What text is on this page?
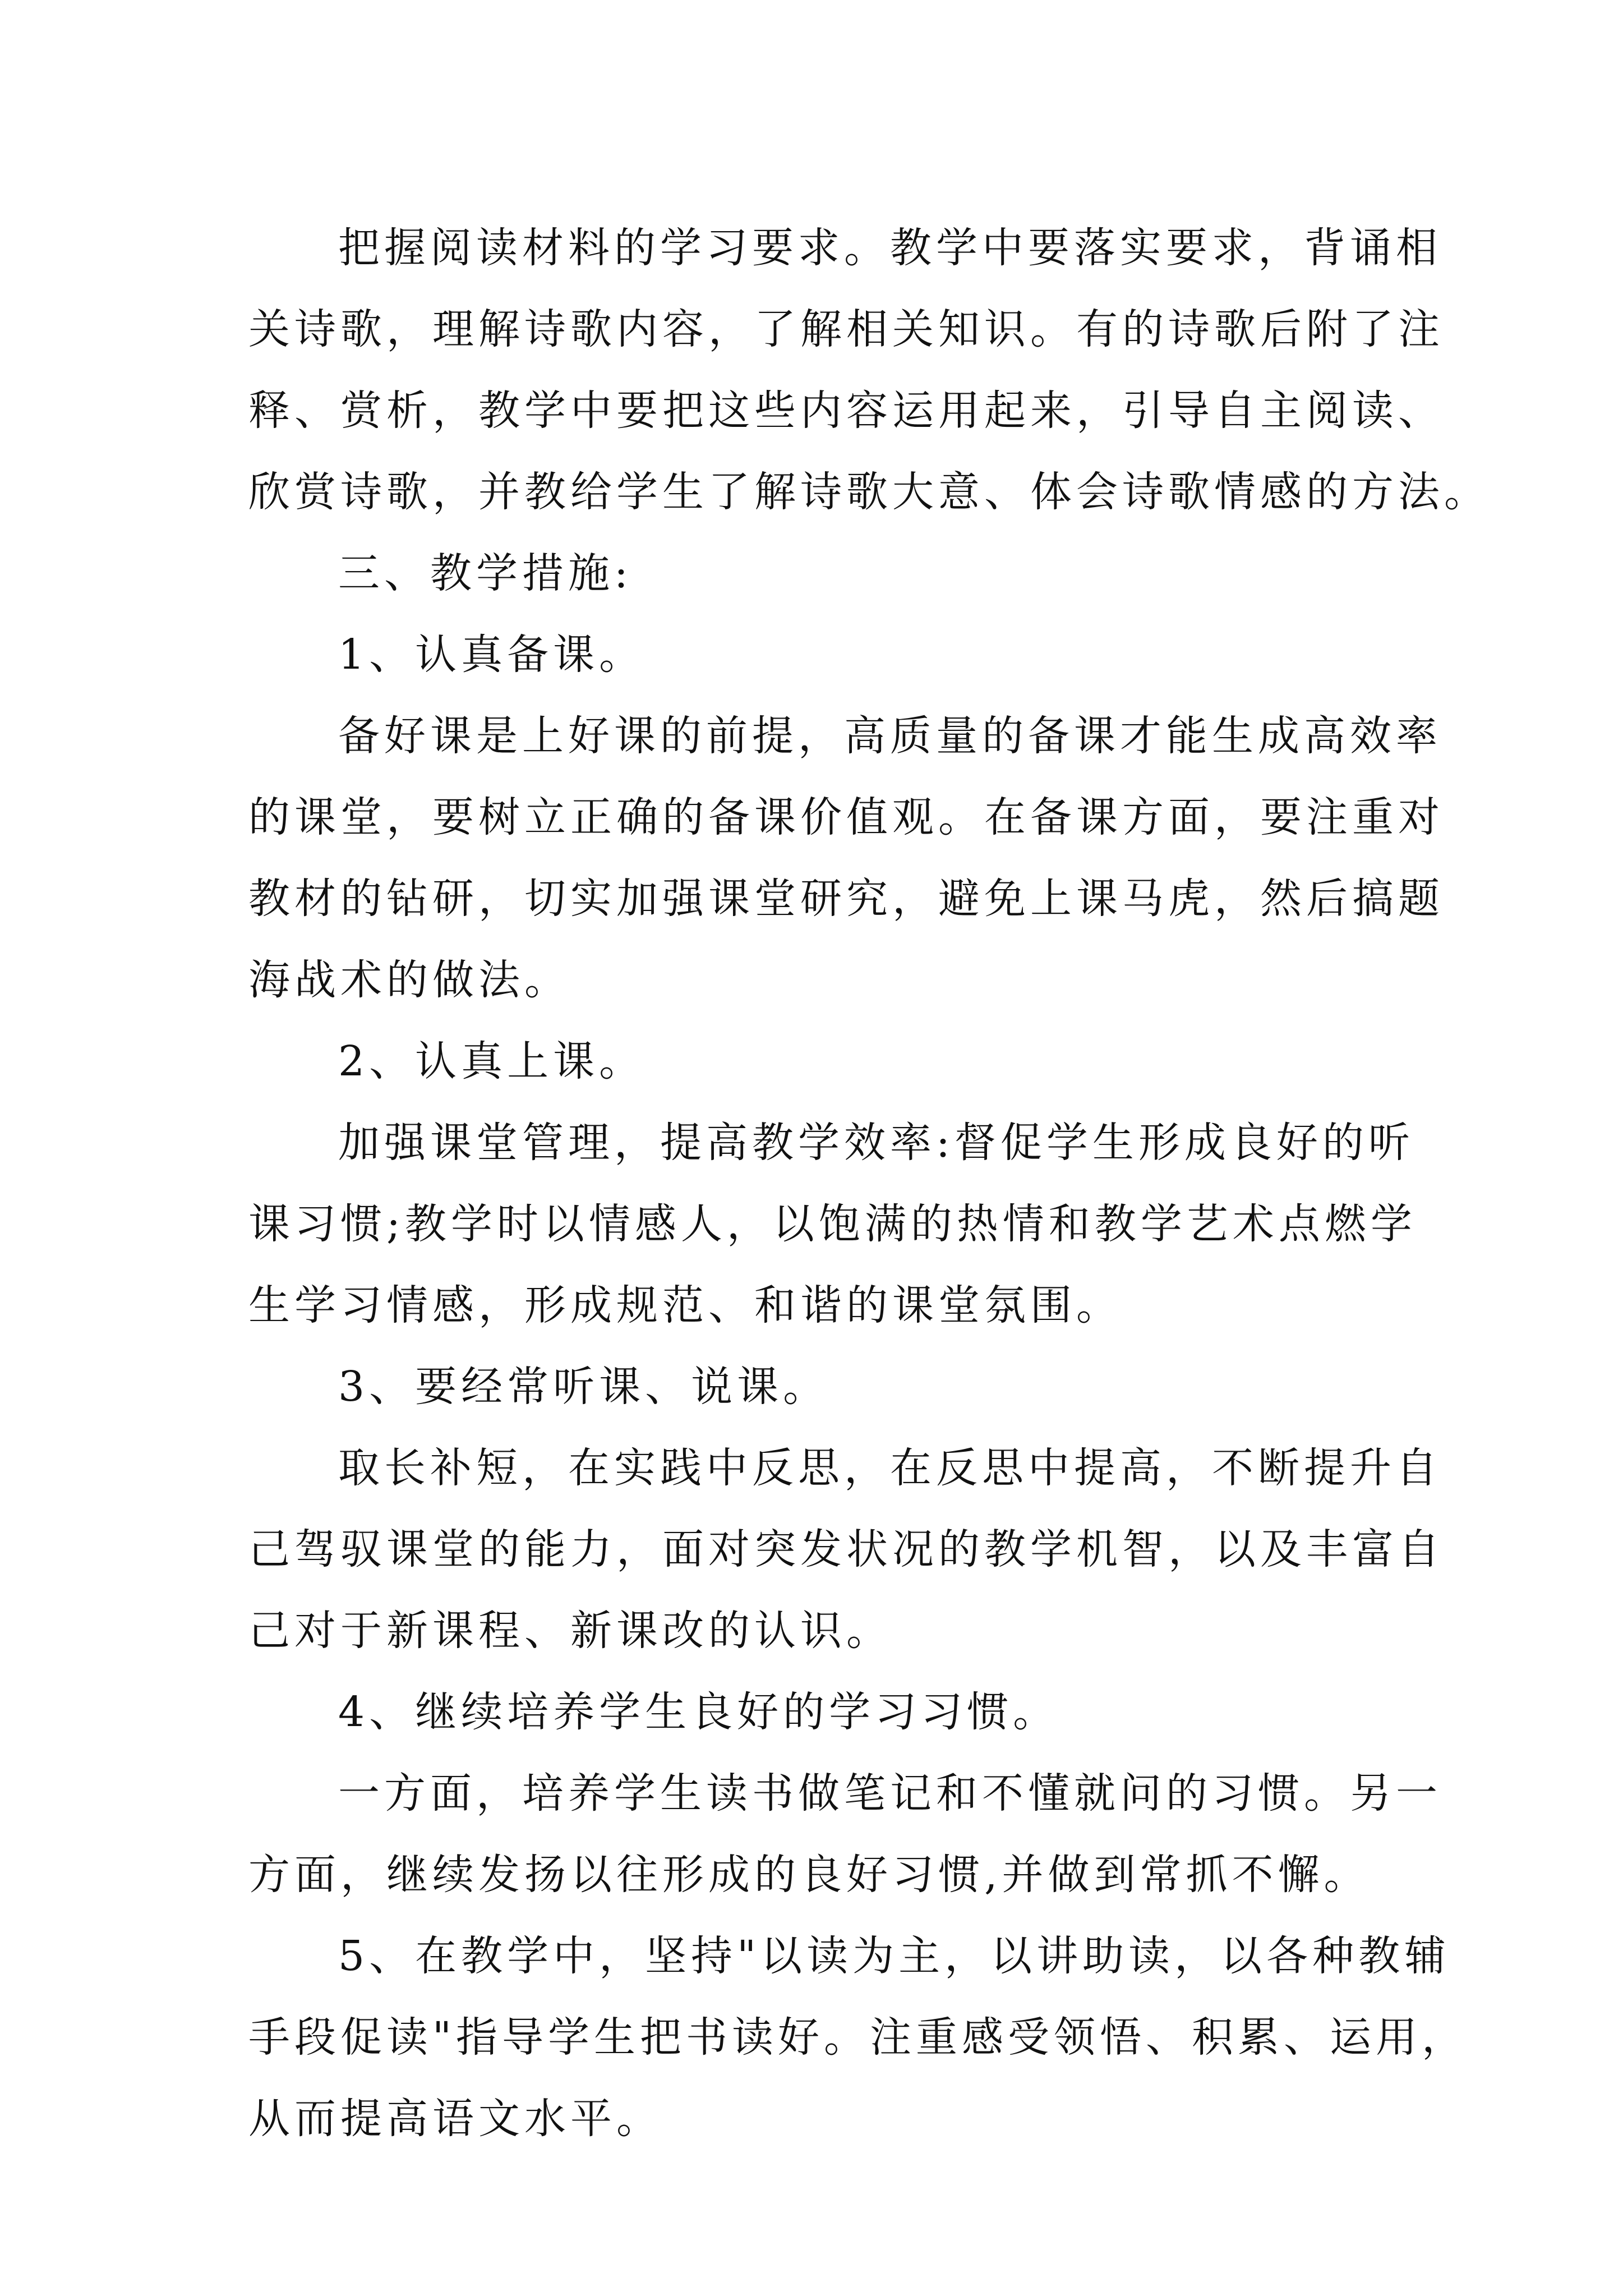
把握阅读材料的学习要求。教学中要落实要求，背诵相
关诗歌，理解诗歌内容，了解相关知识。有的诗歌后附了注
释、赏析，教学中要把这些内容运用起来，引导自主阅读、
欣赏诗歌，并教给学生了解诗歌大意、体会诗歌情感的方法。
三、教学措施:
1、认真备课。
备好课是上好课的前提，高质量的备课才能生成高效率
的课堂，要树立正确的备课价值观。在备课方面，要注重对
教材的钻研，切实加强课堂研究，避免上课马虎，然后搞题
海战术的做法。
2、认真上课。
加强课堂管理，提高教学效率:督促学生形成良好的听
课习惯;教学时以情感人，以饱满的热情和教学艺术点燃学
生学习情感，形成规范、和谐的课堂氛围。
3、要经常听课、说课。
取长补短，在实践中反思，在反思中提高，不断提升自
己驾驭课堂的能力，面对突发状况的教学机智，以及丰富自
己对于新课程、新课改的认识。
4、继续培养学生良好的学习习惯。
一方面，培养学生读书做笔记和不懂就问的习惯。另一
方面，继续发扬以往形成的良好习惯,并做到常抓不懈。
5、在教学中，坚持"以读为主，以讲助读，以各种教辅
手段促读"指导学生把书读好。注重感受领悟、积累、运用，
从而提高语文水平。
